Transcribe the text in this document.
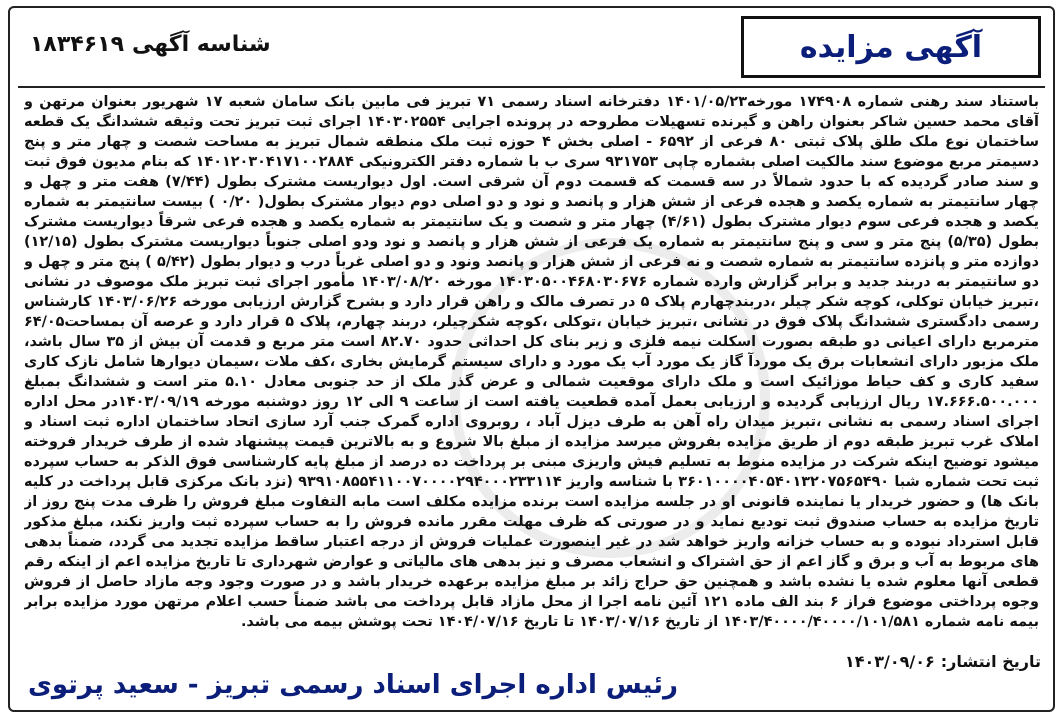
آگهی مزایده
شناسه آگهی
۱۸۳۴۶۱۹
باستناد سند رهنی شماره ۱۷۴۹۰۸ مورخه۱۴۰۱/۰۵/۲۳ دفترخانه اسناد رسمی ۷۱ تبریز فی مابین بانک سامان شعبه ۱۷ شهریور بعنوان مرتهن و آقای محمد حسین شاکر بعنوان راهن و گیرنده تسهیلات مطروحه در پرونده اجرایی ۱۴۰۳۰۲۵۵۴ اجرای ثبت تبریز تحت وثیقه ششدانگ یک قطعه ساختمان نوع ملک طلق پلاک ثبتی ۸۰ فرعی از ۶۵۹۲ - اصلی بخش ۴ حوزه ثبت ملک منطقه شمال تبریز به مساحت شصت و چهار متر و پنج دسیمتر مربع موضوع سند مالکیت اصلی بشماره چاپی ۹۳۱۷۵۳ سری ب با شماره دفتر الکترونیکی ۱۴۰۱۲۰۳۰۴۱۷۱۰۰۲۸۸۴ که بنام مدیون فوق ثبت و سند صادر گردیده که با حدود شمالاً در سه قسمت که قسمت دوم آن شرقی است. اول دیواریست مشترک بطول (۷/۴۴) هفت متر و چهل و چهار سانتیمتر به شماره یکصد و هجده فرعی از شش هزار و پانصد و نود و دو اصلی دوم دیوار مشترک بطول( ۰/۲۰ ) بیست سانتیمتر به شماره یکصد و هجده فرعی سوم دیوار مشترک بطول (۴/۶۱) چهار متر و شصت و یک سانتیمتر به شماره یکصد و هجده فرعی شرقاً دیواریست مشترک بطول (۵/۳۵) پنج متر و سی و پنج سانتیمتر به شماره یک فرعی از شش هزار و پانصد و نود ودو اصلی جنوباً دیواریست مشترک بطول (۱۲/۱۵) دوازده متر و پانزده سانتیمتر به شماره شصت و نه فرعی از شش هزار و پانصد ونود و دو اصلی غرباً درب و دیوار بطول (۵/۴۲ ) پنج متر و چهل و دو سانتیمتر به دربند جدید و برابر گزارش وارده شماره ۱۴۰۳۰۵۰۰۴۶۸۰۳۰۶۷۶ مورخه ۱۴۰۳/۰۸/۲۰ مأمور اجرای ثبت تبریز ملک موصوف در نشانی ،تبریز خیابان توکلی، کوچه شکر چیلر ،دربندچهارم پلاک ۵ در تصرف مالک و راهن قرار دارد و بشرح گزارش ارزیابی مورخه ۱۴۰۳/۰۶/۲۶ کارشناس رسمی دادگستری ششدانگ پلاک فوق در نشانی ،تبریز خیابان ،توکلی ،کوچه شکرچیلر، دربند چهارم، پلاک ۵ قرار دارد و عرصه آن بمساحت۶۴/۰۵ مترمربع دارای اعیانی دو طبقه بصورت اسکلت نیمه فلزی و زیر بنای کل احداثی حدود ۸۲.۷۰ است متر مربع و قدمت آن بیش از ۳۵ سال باشد، ملک مزبور دارای انشعابات برق یک موردآ گاز یک مورد آب یک مورد و دارای سیستم گرمایش بخاری ،کف ملات ،سیمان دیوارها شامل نازک کاری سفید کاری و کف حیاط موزائیک است و ملک دارای موقعیت شمالی و عرض گذر ملک از حد جنوبی معادل ۵.۱۰ متر است و ششدانگ بمبلغ ۱۷.۶۶۶.۵۰۰.۰۰۰ ریال ارزیابی گردیده و ارزیابی بعمل آمده قطعیت یافته است از ساعت ۹ الی ۱۲ روز دوشنبه مورخه ۱۴۰۳/۰۹/۱۹در محل اداره اجرای اسناد رسمی به نشانی ،تبریز میدان راه آهن به طرف دیزل آباد ، روبروی اداره گمرک جنب آرد سازی اتحاد ساختمان اداره ثبت اسناد و املاک غرب تبریز طبقه دوم از طریق مزایده بفروش میرسد مزایده از مبلغ بالا شروع و به بالاترین قیمت پیشنهاد شده از طرف خریدار فروخته میشود توضیح اینکه شرکت در مزایده منوط به تسلیم فیش واریزی مبنی بر پرداخت ده درصد از مبلغ پایه کارشناسی فوق الذکر به حساب سپرده ثبت تحت شماره شبا ۳۶۰۱۰۰۰۰۴۰۵۴۰۱۳۲۰۷۵۶۵۴۹۰ با شناسه واریز ۹۳۹۱۰۸۵۵۴۱۱۰۰۷۰۰۰۰۲۹۴۰۰۰۲۳۳۱۱۴ (نزد بانک مرکزی قابل پرداخت در کلیه بانک ها) و حضور خریدار یا نماینده قانونی او در جلسه مزایده است برنده مزایده مکلف است مابه التفاوت مبلغ فروش را ظرف مدت پنج روز از تاریخ مزایده به حساب صندوق ثبت تودیع نماید و در صورتی که ظرف مهلت مقرر مانده فروش را به حساب سپرده ثبت واریز نکند، مبلغ مذکور قابل استرداد نبوده و به حساب خزانه واریز خواهد شد در غیر اینصورت عملیات فروش از درجه اعتبار ساقط مزایده تجدید می گردد، ضمناً بدهی های مربوط به آب و برق و گاز اعم از حق اشتراک و انشعاب مصرف و نیز بدهی های مالیاتی و عوارض شهرداری تا تاریخ مزایده اعم از اینکه رقم قطعی آنها معلوم شده یا نشده باشد و همچنین حق حراج زائد بر مبلغ مزایده برعهده خریدار باشد و در صورت وجود وجه مازاد حاصل از فروش وجوه پرداختی موضوع فراز ۶ بند الف ماده ۱۲۱ آئین نامه اجرا از محل مازاد قابل پرداخت می باشد ضمناً حسب اعلام مرتهن مورد مزایده برابر بیمه نامه شماره ۱۴۰۳/۴۰۰۰۰/۴۰۰۰۰/۱۰۱/۵۸۱ از تاریخ ۱۴۰۳/۰۷/۱۶ تا تاریخ ۱۴۰۴/۰۷/۱۶ تحت پوشش بیمه می باشد.
تاریخ انتشار:
۱۴۰۳/۰۹/۰۶
رئیس اداره اجرای اسناد رسمی تبریز - سعید پرتوی
